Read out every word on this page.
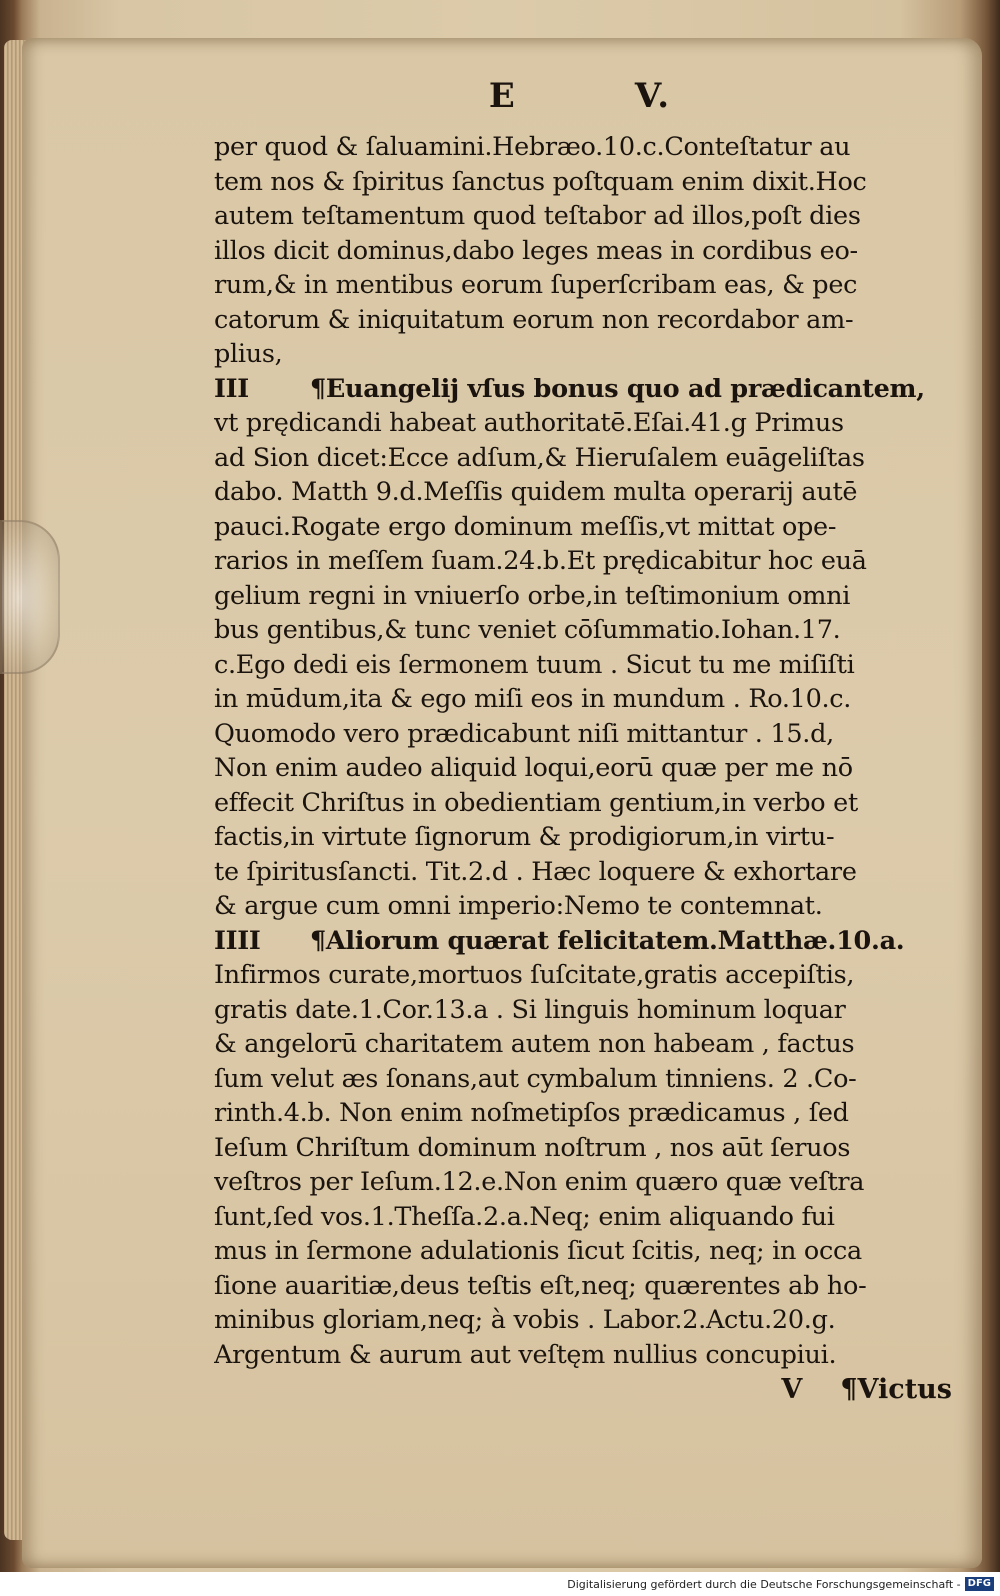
E	V.
per quod & ſaluamini.Hebræo.10.c.Conteſtatur au
tem nos & ſpiritus ſanctus poſtquam enim dixit.Hoc
autem teſtamentum quod teſtabor ad illos,poſt dies
illos dicit dominus,dabo leges meas in cordibus eo-
rum,& in mentibus eorum ſuperſcribam eas, & pec
catorum & iniquitatum eorum non recordabor am-
plius,
III ¶Euangelij vſus bonus quo ad prædicantem,
vt prędicandi habeat authoritatē.Eſai.41.g Primus
ad Sion dicet:Ecce adſum,& Hieruſalem euāgeliſtas
dabo. Matth 9.d.Meſſis quidem multa operarij autē
pauci.Rogate ergo dominum meſſis,vt mittat ope-
rarios in meſſem ſuam.24.b.Et prędicabitur hoc euā
gelium regni in vniuerſo orbe,in teſtimonium omni
bus gentibus,& tunc veniet cōſummatio.Iohan.17.
c.Ego dedi eis ſermonem tuum . Sicut tu me miſiſti
in mūdum,ita & ego miſi eos in mundum . Ro.10.c.
Quomodo vero prædicabunt niſi mittantur . 15.d,
Non enim audeo aliquid loqui,eorū quæ per me nō
effecit Chriſtus in obedientiam gentium,in verbo et
factis,in virtute ſignorum & prodigiorum,in virtu-
te ſpiritusſancti. Tit.2.d . Hæc loquere & exhortare
& argue cum omni imperio:Nemo te contemnat.
IIII ¶Aliorum quærat felicitatem.Matthæ.10.a.
Infirmos curate,mortuos ſuſcitate,gratis accepiſtis,
gratis date.1.Cor.13.a . Si linguis hominum loquar
& angelorū charitatem autem non habeam , factus
ſum velut æs ſonans,aut cymbalum tinniens. 2 .Co-
rinth.4.b. Non enim noſmetipſos prædicamus , ſed
Ieſum Chriſtum dominum noſtrum , nos aūt ſeruos
veſtros per Ieſum.12.e.Non enim quæro quæ veſtra
ſunt,ſed vos.1.Theſſa.2.a.Neq; enim aliquando fui
mus in ſermone adulationis ſicut ſcitis, neq; in occa
ſione auaritiæ,deus teſtis eſt,neq; quærentes ab ho-
minibus gloriam,neq; à vobis . Labor.2.Actu.20.g.
Argentum & aurum aut veſtęm nullius concupiui.
V ¶Victus
Digitalisierung gefördert durch die Deutsche Forschungsgemeinschaft - DFG
